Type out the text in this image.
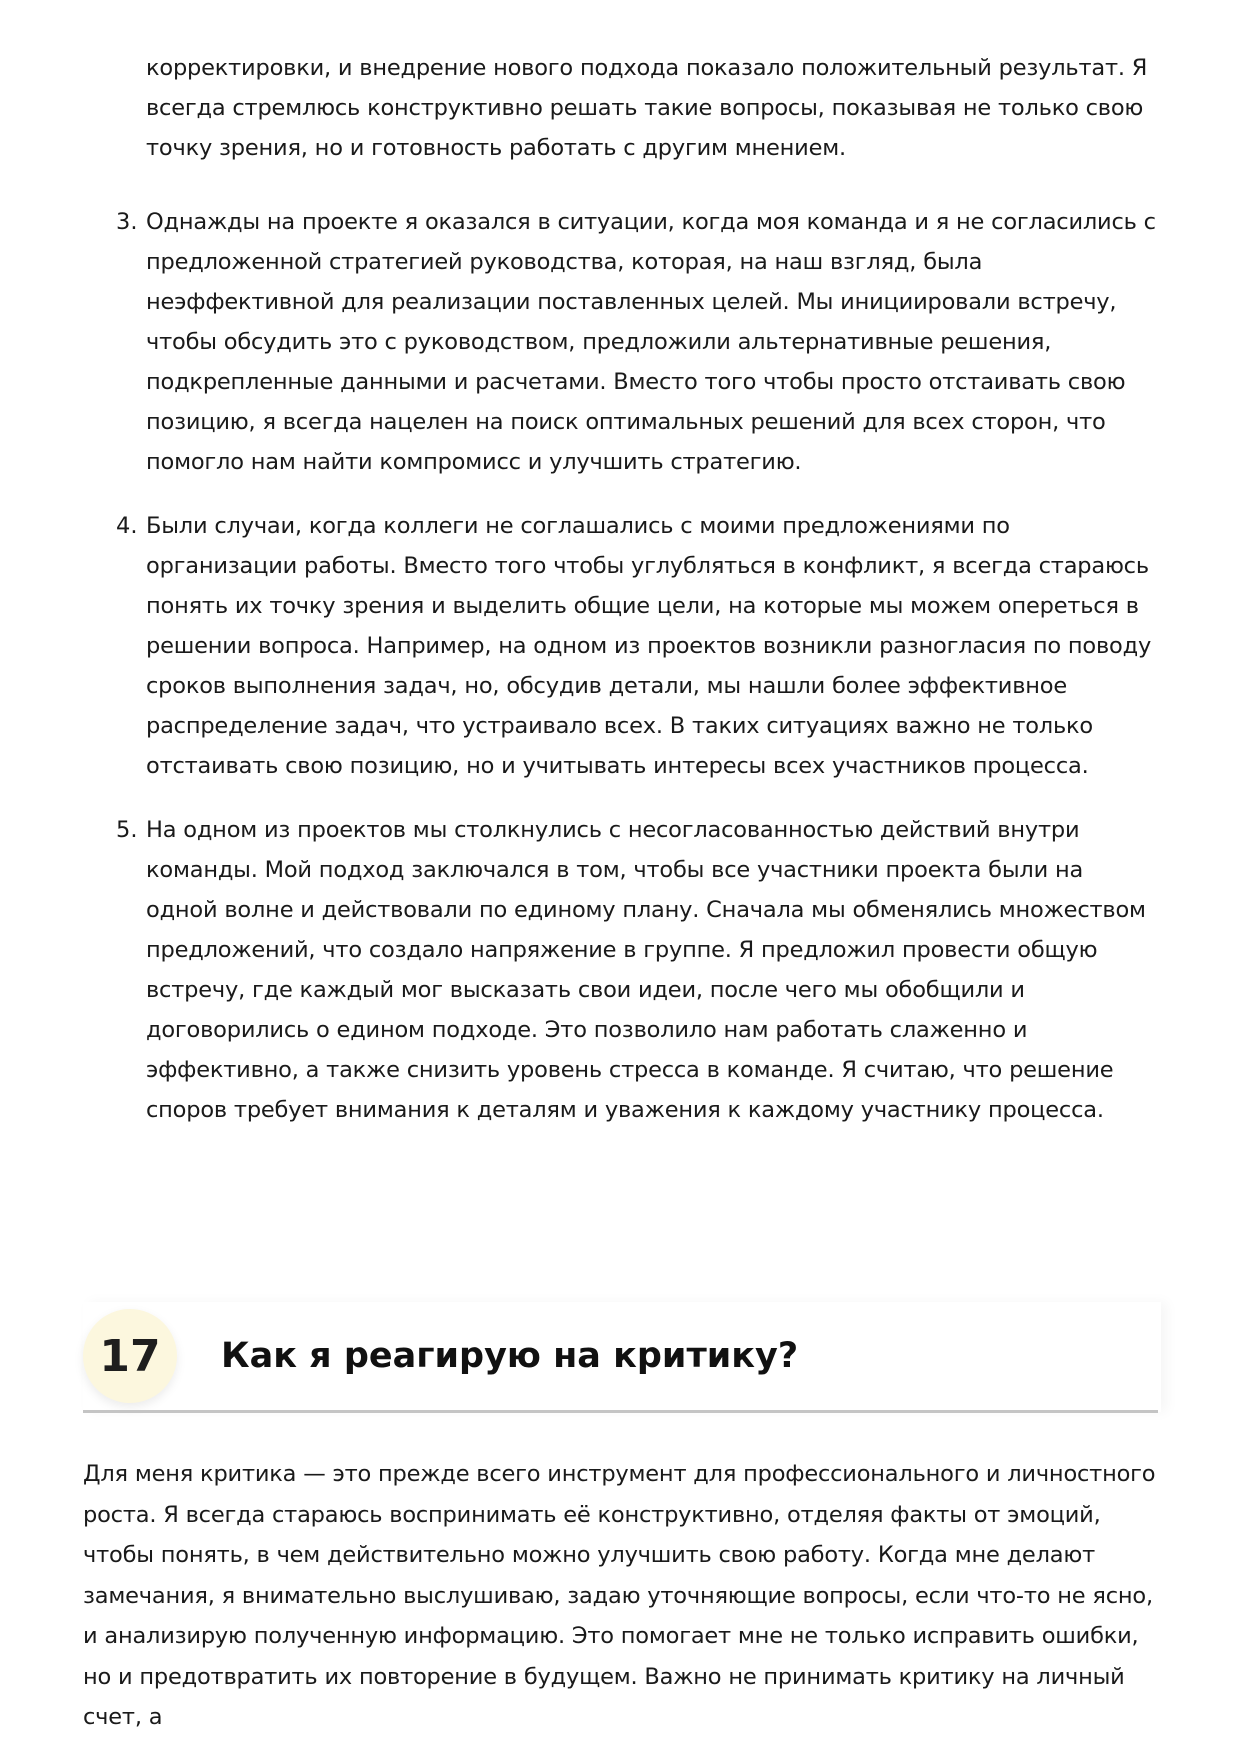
корректировки, и внедрение нового подхода показало положительный результат. Я всегда стремлюсь конструктивно решать такие вопросы, показывая не только свою точку зрения, но и готовность работать с другим мнением.

3. Однажды на проекте я оказался в ситуации, когда моя команда и я не согласились с предложенной стратегией руководства, которая, на наш взгляд, была неэффективной для реализации поставленных целей. Мы инициировали встречу, чтобы обсудить это с руководством, предложили альтернативные решения, подкрепленные данными и расчетами. Вместо того чтобы просто отстаивать свою позицию, я всегда нацелен на поиск оптимальных решений для всех сторон, что помогло нам найти компромисс и улучшить стратегию.

4. Были случаи, когда коллеги не соглашались с моими предложениями по организации работы. Вместо того чтобы углубляться в конфликт, я всегда стараюсь понять их точку зрения и выделить общие цели, на которые мы можем опереться в решении вопроса. Например, на одном из проектов возникли разногласия по поводу сроков выполнения задач, но, обсудив детали, мы нашли более эффективное распределение задач, что устраивало всех. В таких ситуациях важно не только отстаивать свою позицию, но и учитывать интересы всех участников процесса.

5. На одном из проектов мы столкнулись с несогласованностью действий внутри команды. Мой подход заключался в том, чтобы все участники проекта были на одной волне и действовали по единому плану. Сначала мы обменялись множеством предложений, что создало напряжение в группе. Я предложил провести общую встречу, где каждый мог высказать свои идеи, после чего мы обобщили и договорились о едином подходе. Это позволило нам работать слаженно и эффективно, а также снизить уровень стресса в команде. Я считаю, что решение споров требует внимания к деталям и уважения к каждому участнику процесса.

17	Как я реагирую на критику?

Для меня критика — это прежде всего инструмент для профессионального и личностного роста. Я всегда стараюсь воспринимать её конструктивно, отделяя факты от эмоций, чтобы понять, в чем действительно можно улучшить свою работу. Когда мне делают замечания, я внимательно выслушиваю, задаю уточняющие вопросы, если что-то не ясно, и анализирую полученную информацию. Это помогает мне не только исправить ошибки, но и предотвратить их повторение в будущем. Важно не принимать критику на личный счет, а
